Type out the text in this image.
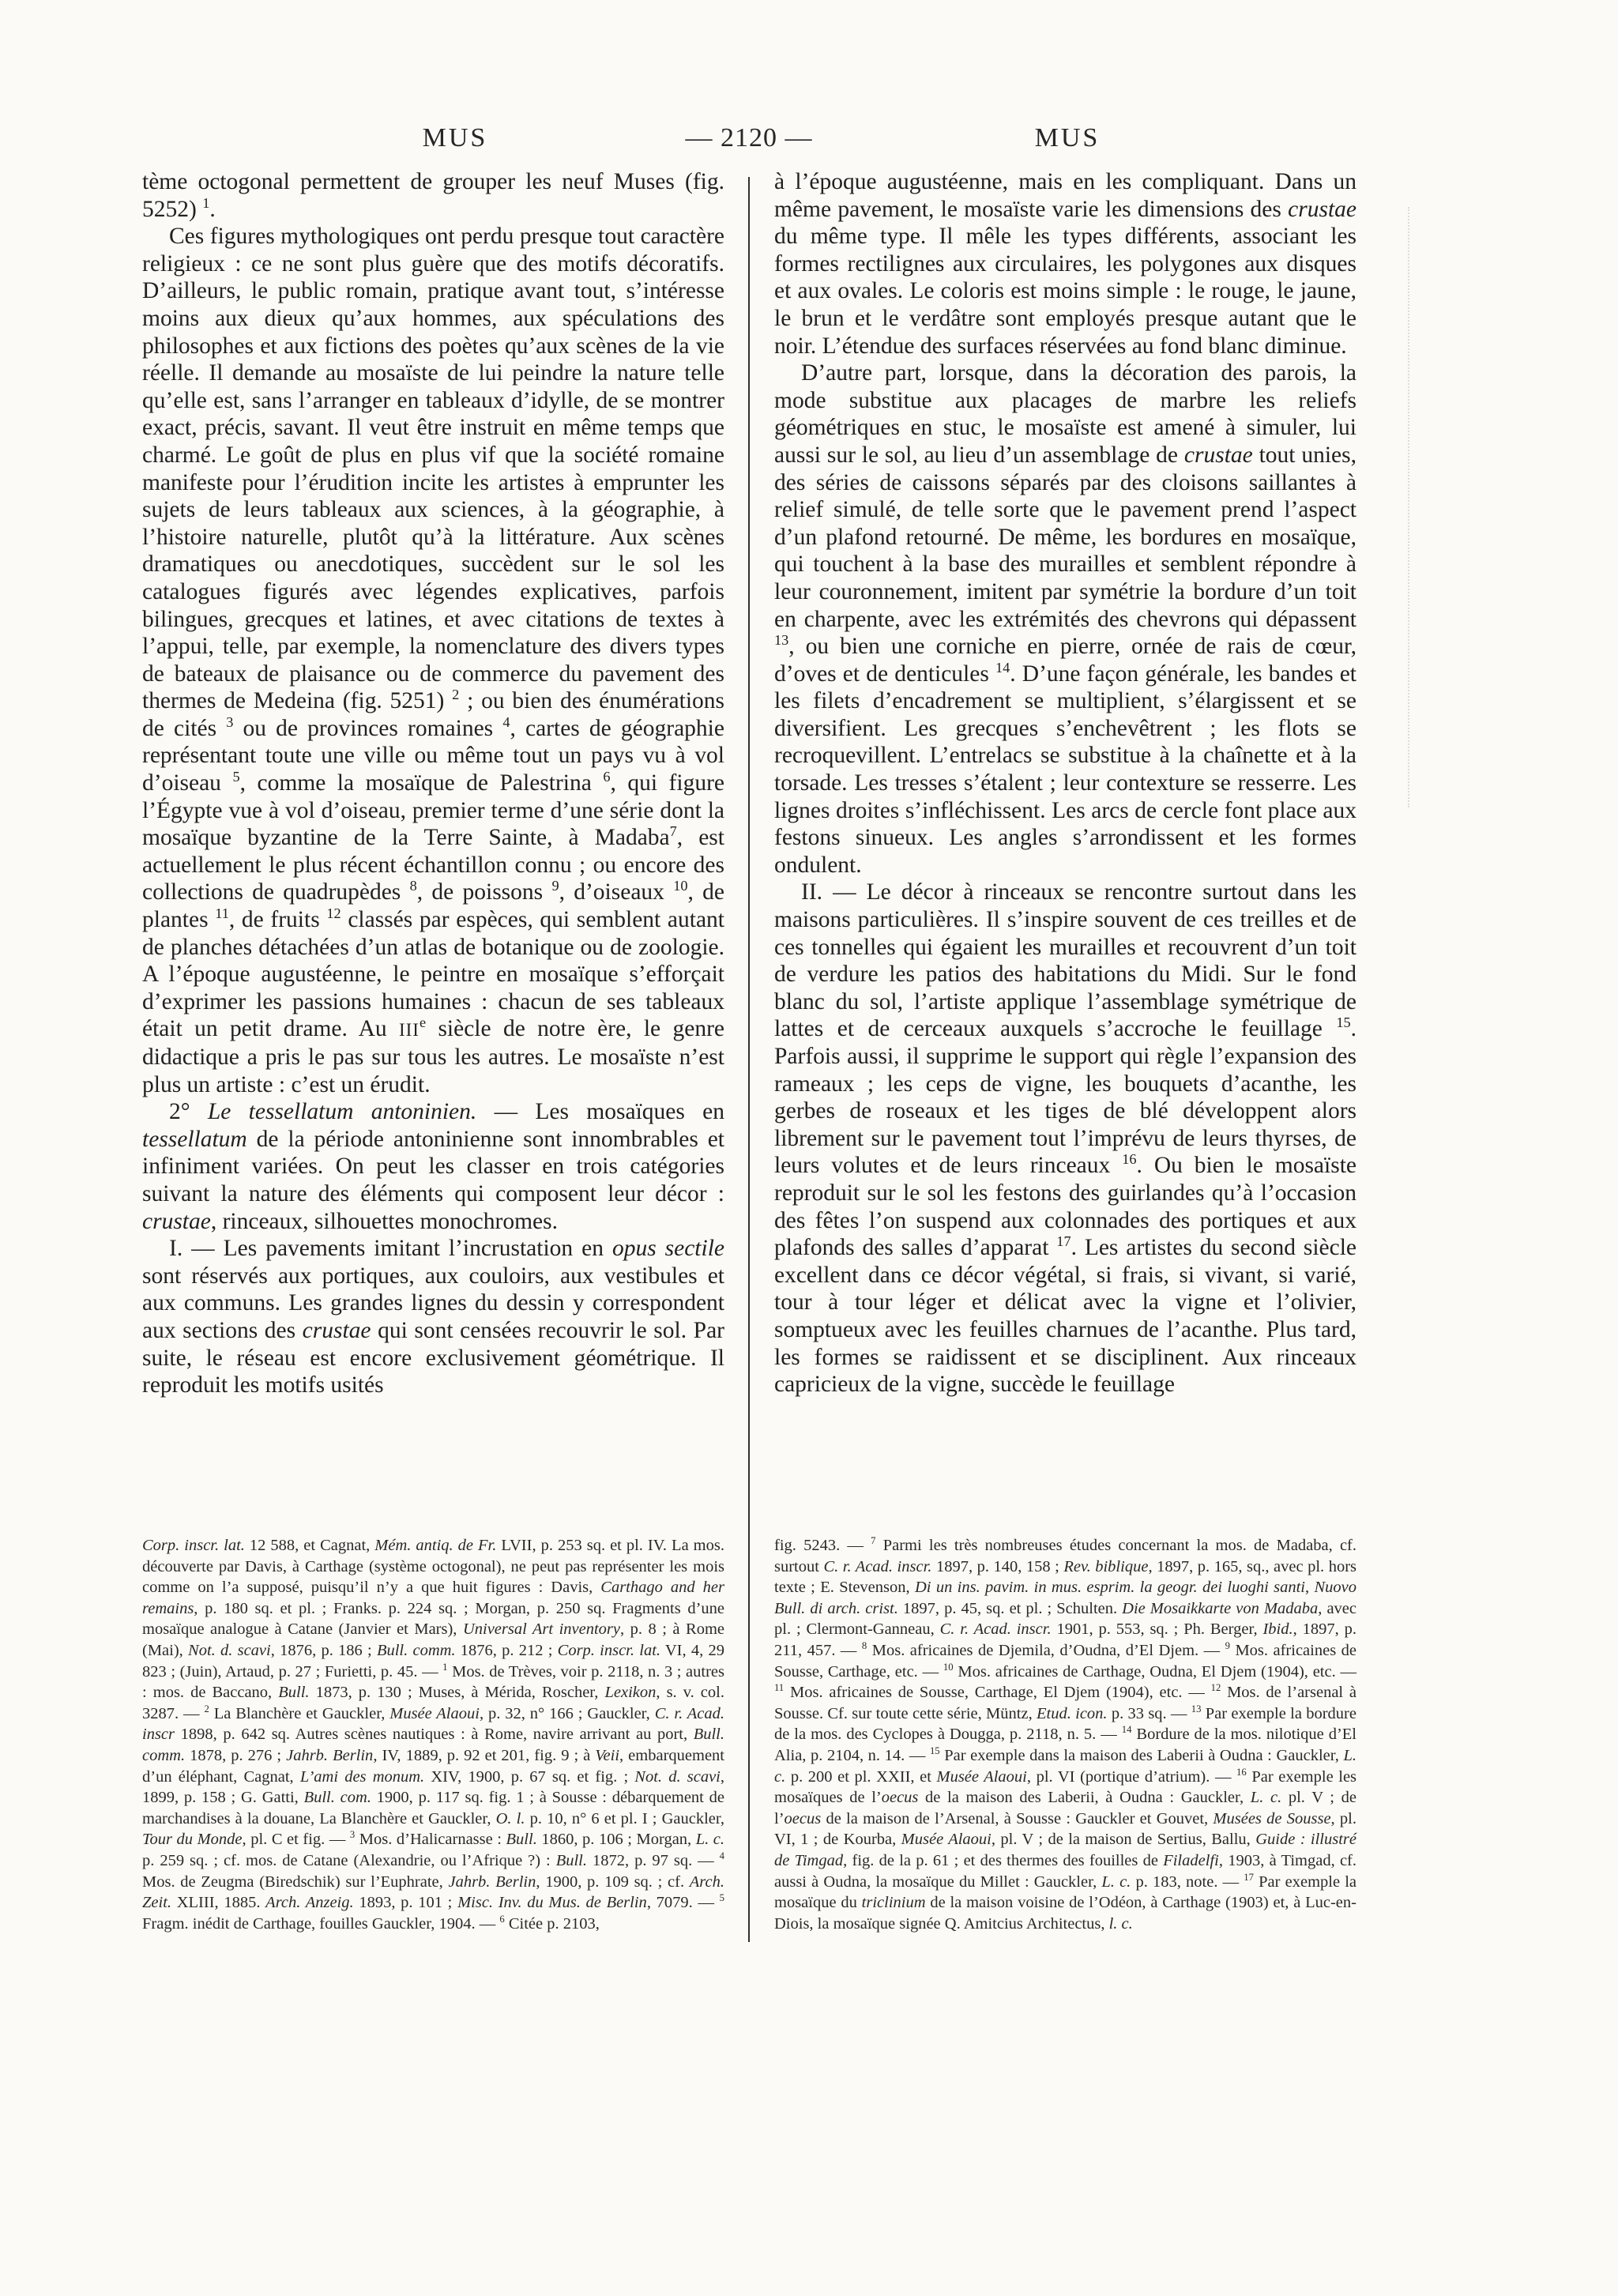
MUS	— 2120 —	MUS

tème octogonal permettent de grouper les neuf Muses (fig. 5252) $^1$.

Ces figures mythologiques ont perdu presque tout caractère religieux : ce ne sont plus guère que des motifs décoratifs. D’ailleurs, le public romain, pratique avant tout, s’intéresse moins aux dieux qu’aux hommes, aux spéculations des philosophes et aux fictions des poètes qu’aux scènes de la vie réelle. Il demande au mosaïste de lui peindre la nature telle qu’elle est, sans l’arranger en tableaux d’idylle, de se montrer exact, précis, savant. Il veut être instruit en même temps que charmé. Le goût de plus en plus vif que la société romaine manifeste pour l’érudition incite les artistes à emprunter les sujets de leurs tableaux aux sciences, à la géographie, à l’histoire naturelle, plutôt qu’à la littérature. Aux scènes dramatiques ou anecdotiques, succèdent sur le sol les catalogues figurés avec légendes explicatives, parfois bilingues, grecques et latines, et avec citations de textes à l’appui, telle, par exemple, la nomenclature des divers types de bateaux de plaisance ou de commerce du pavement des thermes de Medeina (fig. 5251) $^2$ ; ou bien des énumérations de cités $^3$ ou de provinces romaines $^4$, cartes de géographie représentant toute une ville ou même tout un pays vu à vol d’oiseau $^5$, comme la mosaïque de Palestrina $^6$, qui figure l’Égypte vue à vol d’oiseau, premier terme d’une série dont la mosaïque byzantine de la Terre Sainte, à Madaba$^7$, est actuellement le plus récent échantillon connu ; ou encore des collections de quadrupèdes $^8$, de poissons $^9$, d’oiseaux $^{10}$, de plantes $^{11}$, de fruits $^{12}$ classés par espèces, qui semblent autant de planches détachées d’un atlas de botanique ou de zoologie. A l’époque augustéenne, le peintre en mosaïque s’efforçait d’exprimer les passions humaines : chacun de ses tableaux était un petit drame. Au IIIe siècle de notre ère, le genre didactique a pris le pas sur tous les autres. Le mosaïste n’est plus un artiste : c’est un érudit.

2° Le tessellatum antoninien. — Les mosaïques en tessellatum de la période antoninienne sont innombrables et infiniment variées. On peut les classer en trois catégories suivant la nature des éléments qui composent leur décor : crustae, rinceaux, silhouettes monochromes.

I. — Les pavements imitant l’incrustation en opus sectile sont réservés aux portiques, aux couloirs, aux vestibules et aux communs. Les grandes lignes du dessin y correspondent aux sections des crustae qui sont censées recouvrir le sol. Par suite, le réseau est encore exclusivement géométrique. Il reproduit les motifs usités

à l’époque augustéenne, mais en les compliquant. Dans un même pavement, le mosaïste varie les dimensions des crustae du même type. Il mêle les types différents, associant les formes rectilignes aux circulaires, les polygones aux disques et aux ovales. Le coloris est moins simple : le rouge, le jaune, le brun et le verdâtre sont employés presque autant que le noir. L’étendue des surfaces réservées au fond blanc diminue.

D’autre part, lorsque, dans la décoration des parois, la mode substitue aux placages de marbre les reliefs géométriques en stuc, le mosaïste est amené à simuler, lui aussi sur le sol, au lieu d’un assemblage de crustae tout unies, des séries de caissons séparés par des cloisons saillantes à relief simulé, de telle sorte que le pavement prend l’aspect d’un plafond retourné. De même, les bordures en mosaïque, qui touchent à la base des murailles et semblent répondre à leur couronnement, imitent par symétrie la bordure d’un toit en charpente, avec les extrémités des chevrons qui dépassent $^{13}$, ou bien une corniche en pierre, ornée de rais de cœur, d’oves et de denticules $^{14}$. D’une façon générale, les bandes et les filets d’encadrement se multiplient, s’élargissent et se diversifient. Les grecques s’enchevêtrent ; les flots se recroquevillent. L’entrelacs se substitue à la chaînette et à la torsade. Les tresses s’étalent ; leur contexture se resserre. Les lignes droites s’infléchissent. Les arcs de cercle font place aux festons sinueux. Les angles s’arrondissent et les formes ondulent.

II. — Le décor à rinceaux se rencontre surtout dans les maisons particulières. Il s’inspire souvent de ces treilles et de ces tonnelles qui égaient les murailles et recouvrent d’un toit de verdure les patios des habitations du Midi. Sur le fond blanc du sol, l’artiste applique l’assemblage symétrique de lattes et de cerceaux auxquels s’accroche le feuillage $^{15}$. Parfois aussi, il supprime le support qui règle l’expansion des rameaux ; les ceps de vigne, les bouquets d’acanthe, les gerbes de roseaux et les tiges de blé développent alors librement sur le pavement tout l’imprévu de leurs thyrses, de leurs volutes et de leurs rinceaux $^{16}$. Ou bien le mosaïste reproduit sur le sol les festons des guirlandes qu’à l’occasion des fêtes l’on suspend aux colonnades des portiques et aux plafonds des salles d’apparat $^{17}$. Les artistes du second siècle excellent dans ce décor végétal, si frais, si vivant, si varié, tour à tour léger et délicat avec la vigne et l’olivier, somptueux avec les feuilles charnues de l’acanthe. Plus tard, les formes se raidissent et se disciplinent. Aux rinceaux capricieux de la vigne, succède le feuillage

Corp. inscr. lat. 12 588, et Cagnat, Mém. antiq. de Fr. LVII, p. 253 sq. et pl. IV. La mos. découverte par Davis, à Carthage (système octogonal), ne peut pas représenter les mois comme on l’a supposé, puisqu’il n’y a que huit figures : Davis, Carthago and her remains, p. 180 sq. et pl. ; Franks. p. 224 sq. ; Morgan, p. 250 sq. Fragments d’une mosaïque analogue à Catane (Janvier et Mars), Universal Art inventory, p. 8 ; à Rome (Mai), Not. d. scavi, 1876, p. 186 ; Bull. comm. 1876, p. 212 ; Corp. inscr. lat. VI, 4, 29 823 ; (Juin), Artaud, p. 27 ; Furietti, p. 45. — $^1$ Mos. de Trèves, voir p. 2118, n. 3 ; autres : mos. de Baccano, Bull. 1873, p. 130 ; Muses, à Mérida, Roscher, Lexikon, s. v. col. 3287. — $^2$ La Blanchère et Gauckler, Musée Alaoui, p. 32, n° 166 ; Gauckler, C. r. Acad. inscr 1898, p. 642 sq. Autres scènes nautiques : à Rome, navire arrivant au port, Bull. comm. 1878, p. 276 ; Jahrb. Berlin, IV, 1889, p. 92 et 201, fig. 9 ; à Veii, embarquement d’un éléphant, Cagnat, L’ami des monum. XIV, 1900, p. 67 sq. et fig. ; Not. d. scavi, 1899, p. 158 ; G. Gatti, Bull. com. 1900, p. 117 sq. fig. 1 ; à Sousse : débarquement de marchandises à la douane, La Blanchère et Gauckler, O. l. p. 10, n° 6 et pl. I ; Gauckler, Tour du Monde, pl. C et fig. — $^3$ Mos. d’Halicarnasse : Bull. 1860, p. 106 ; Morgan, L. c. p. 259 sq. ; cf. mos. de Catane (Alexandrie, ou l’Afrique ?) : Bull. 1872, p. 97 sq. — $^4$ Mos. de Zeugma (Biredschik) sur l’Euphrate, Jahrb. Berlin, 1900, p. 109 sq. ; cf. Arch. Zeit. XLIII, 1885. Arch. Anzeig. 1893, p. 101 ; Misc. Inv. du Mus. de Berlin, 7079. — $^5$ Fragm. inédit de Carthage, fouilles Gauckler, 1904. — $^6$ Citée p. 2103,
fig. 5243. — $^7$ Parmi les très nombreuses études concernant la mos. de Madaba, cf. surtout C. r. Acad. inscr. 1897, p. 140, 158 ; Rev. biblique, 1897, p. 165, sq., avec pl. hors texte ; E. Stevenson, Di un ins. pavim. in mus. esprim. la geogr. dei luoghi santi, Nuovo Bull. di arch. crist. 1897, p. 45, sq. et pl. ; Schulten. Die Mosaikkarte von Madaba, avec pl. ; Clermont-Ganneau, C. r. Acad. inscr. 1901, p. 553, sq. ; Ph. Berger, Ibid., 1897, p. 211, 457. — $^8$ Mos. africaines de Djemila, d’Oudna, d’El Djem. — $^9$ Mos. africaines de Sousse, Carthage, etc. — $^{10}$ Mos. africaines de Carthage, Oudna, El Djem (1904), etc. — $^{11}$ Mos. africaines de Sousse, Carthage, El Djem (1904), etc. — $^{12}$ Mos. de l’arsenal à Sousse. Cf. sur toute cette série, Müntz, Etud. icon. p. 33 sq. — $^{13}$ Par exemple la bordure de la mos. des Cyclopes à Dougga, p. 2118, n. 5. — $^{14}$ Bordure de la mos. nilotique d’El Alia, p. 2104, n. 14. — $^{15}$ Par exemple dans la maison des Laberii à Oudna : Gauckler, L. c. p. 200 et pl. XXII, et Musée Alaoui, pl. VI (portique d’atrium). — $^{16}$ Par exemple les mosaïques de l’oecus de la maison des Laberii, à Oudna : Gauckler, L. c. pl. V ; de l’oecus de la maison de l’Arsenal, à Sousse : Gauckler et Gouvet, Musées de Sousse, pl. VI, 1 ; de Kourba, Musée Alaoui, pl. V ; de la maison de Sertius, Ballu, Guide : illustré de Timgad, fig. de la p. 61 ; et des thermes des fouilles de Filadelfi, 1903, à Timgad, cf. aussi à Oudna, la mosaïque du Millet : Gauckler, L. c. p. 183, note. — $^{17}$ Par exemple la mosaïque du triclinium de la maison voisine de l’Odéon, à Carthage (1903) et, à Luc-en-Diois, la mosaïque signée Q. Amitcius Architectus, l. c.
